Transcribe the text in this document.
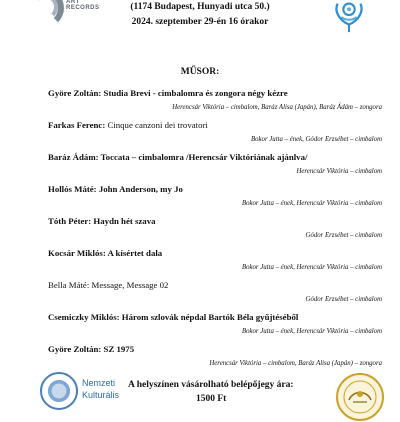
ART
RECORDS	(1174 Budapest, Hunyadi utca 50.)
2024. szeptember 29-én 16 órakor
MŰSOR:
Györe Zoltán: Studia Brevi - cimbalomra és zongora négy kézre
Herencsár Viktória – cimbalom, Baráz Alisa (Japán), Baráz Ádám – zongora
Farkas Ferenc: Cinque canzoni dei trovatori
Bokor Jutta – ének, Gódor Erzsébet – cimbalom
Baráz Ádám: Toccata – cimbalomra /Herencsár Viktóriának ajánlva/
Herencsár Viktória – cimbalom
Hollós Máté: John Anderson, my Jo
Bokor Jutta – ének, Herencsár Viktória – cimbalom
Tóth Péter: Haydn hét szava
Gódor Erzsébet – cimbalom
Kocsár Miklós: A kísértet dala
Bokor Jutta – ének, Herencsár Viktória – cimbalom
Bella Máté: Message, Message 02
Gódor Erzsébet – cimbalom
Csemiczky Miklós: Három szlovák népdal Bartók Béla gyűjtéséből
Bokor Jutta – ének, Herencsár Viktória – cimbalom
Györe Zoltán: SZ 1975
Herencsár Viktória – cimbalom, Baráz Alisa (Japán) – zongora
Nemzeti
Kulturális
A helyszínen vásárolható belépőjegy ára:
1500 Ft
